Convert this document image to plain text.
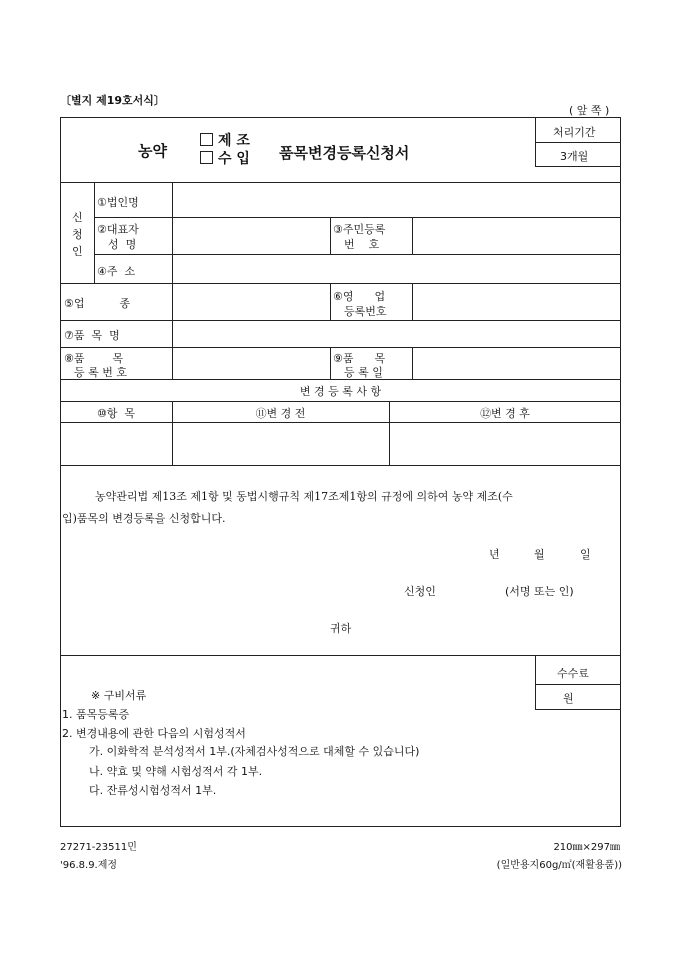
〔별지 제19호서식〕
( 앞 쪽 )
농약
제 조
수 입 품목변경등록신청서
처리기간
3개월
신
청
인
①법인명
②대표자
성  명
③주민등록
번    호
④주  소
⑤업          종
⑥영      업
등록번호
⑦품  목  명
⑧품        목
등 록 번 호
⑨품      목
등 록 일
변 경 등 록 사 항
⑩항  목	⑪변 경 전	⑫변 경 후
농약관리법 제13조 제1항 및 동법시행규칙 제17조제1항의 규정에 의하여 농약 제조(수
입)품목의 변경등록을 신청합니다.
년	월	일
신청인	(서명 또는 인)
귀하
수수료
원
※ 구비서류
1. 품목등록증
2. 변경내용에 관한 다음의 시험성적서
가. 이화학적 분석성적서 1부.(자체검사성적으로 대체할 수 있습니다)
나. 약효 및 약해 시험성적서 각 1부.
다. 잔류성시험성적서 1부.
27271-23511민
'96.8.9.제정
210㎜×297㎜
(일반용지60g/㎡(재활용품))
